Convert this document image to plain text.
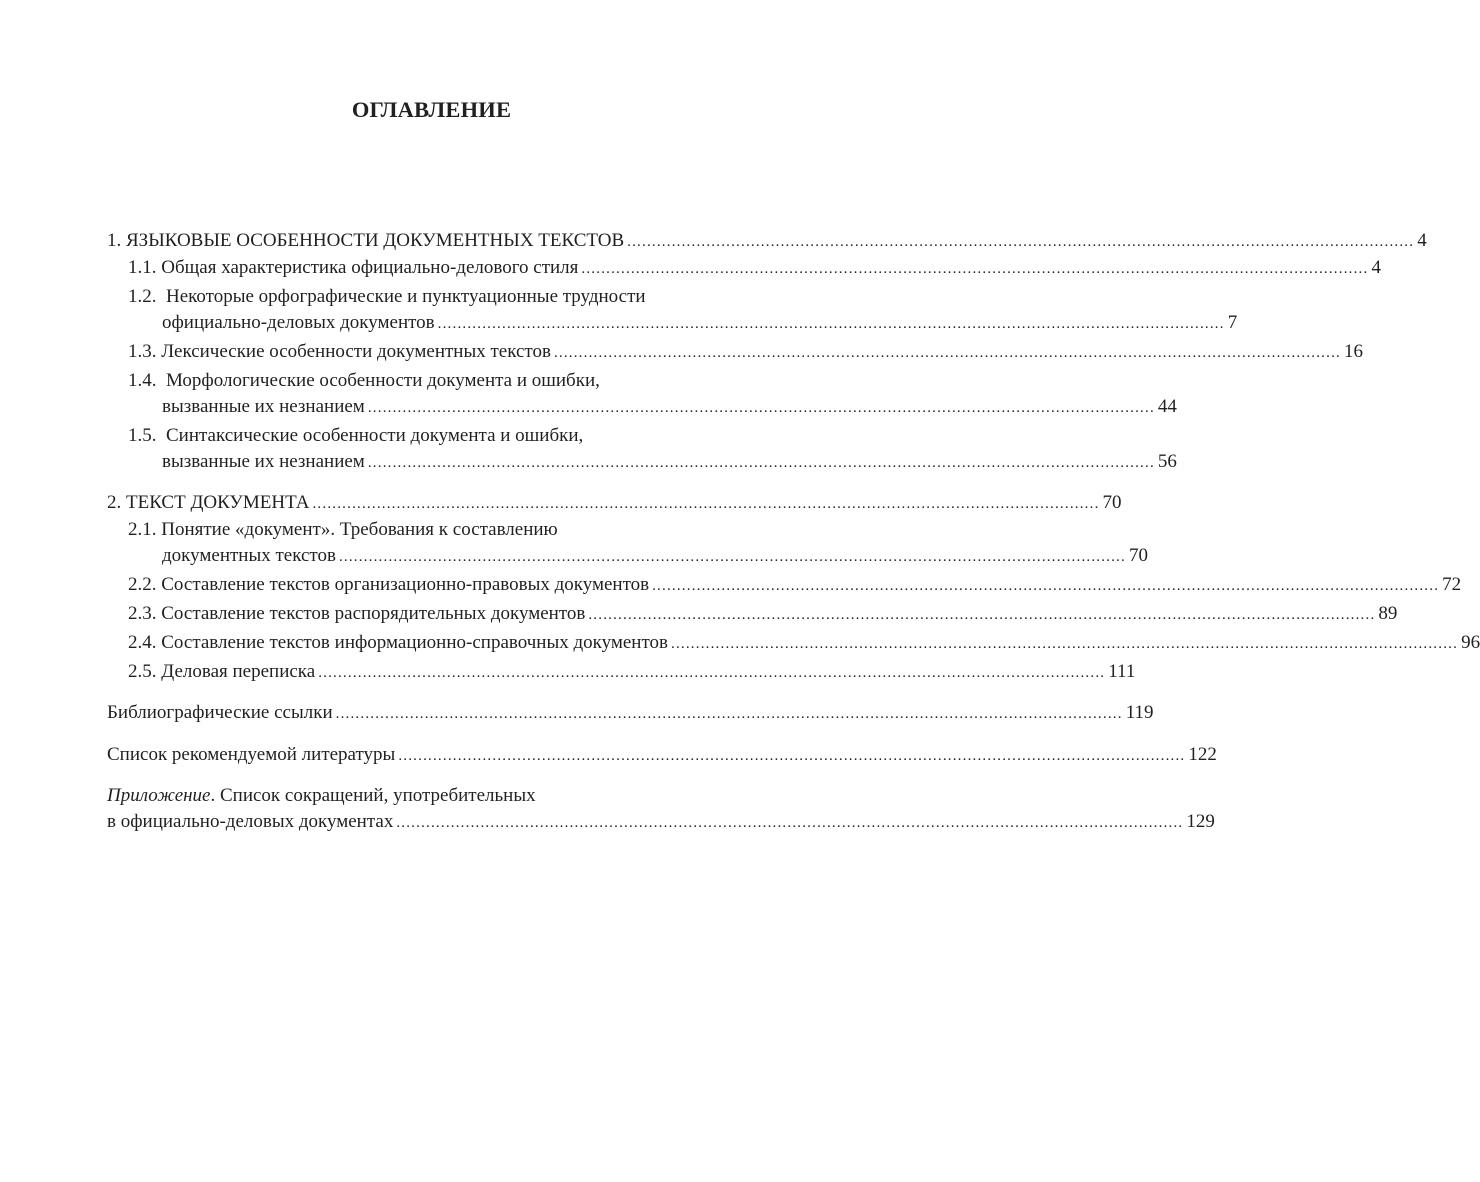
ОГЛАВЛЕНИЕ
1. ЯЗЫКОВЫЕ ОСОБЕННОСТИ ДОКУМЕНТНЫХ ТЕКСТОВ ............................................................................................................................................................... 4
1.1. Общая характеристика официально-делового стиля ............................................................................................................................................................... 4
1.2. Некоторые орфографические и пунктуационные трудности
официально-деловых документов ............................................................................................................................................................... 7
1.3. Лексические особенности документных текстов ............................................................................................................................................................... 16
1.4. Морфологические особенности документа и ошибки,
вызванные их незнанием ............................................................................................................................................................... 44
1.5. Синтаксические особенности документа и ошибки,
вызванные их незнанием ............................................................................................................................................................... 56
2. ТЕКСТ ДОКУМЕНТА ............................................................................................................................................................... 70
2.1. Понятие «документ». Требования к составлению
документных текстов ............................................................................................................................................................... 70
2.2. Составление текстов организационно-правовых документов ............................................................................................................................................................... 72
2.3. Составление текстов распорядительных документов ............................................................................................................................................................... 89
2.4. Составление текстов информационно-справочных документов ............................................................................................................................................................... 96
2.5. Деловая переписка ............................................................................................................................................................... 111
Библиографические ссылки ............................................................................................................................................................... 119
Список рекомендуемой литературы ............................................................................................................................................................... 122
Приложение. Список сокращений, употребительных
в официально-деловых документах ............................................................................................................................................................... 129
